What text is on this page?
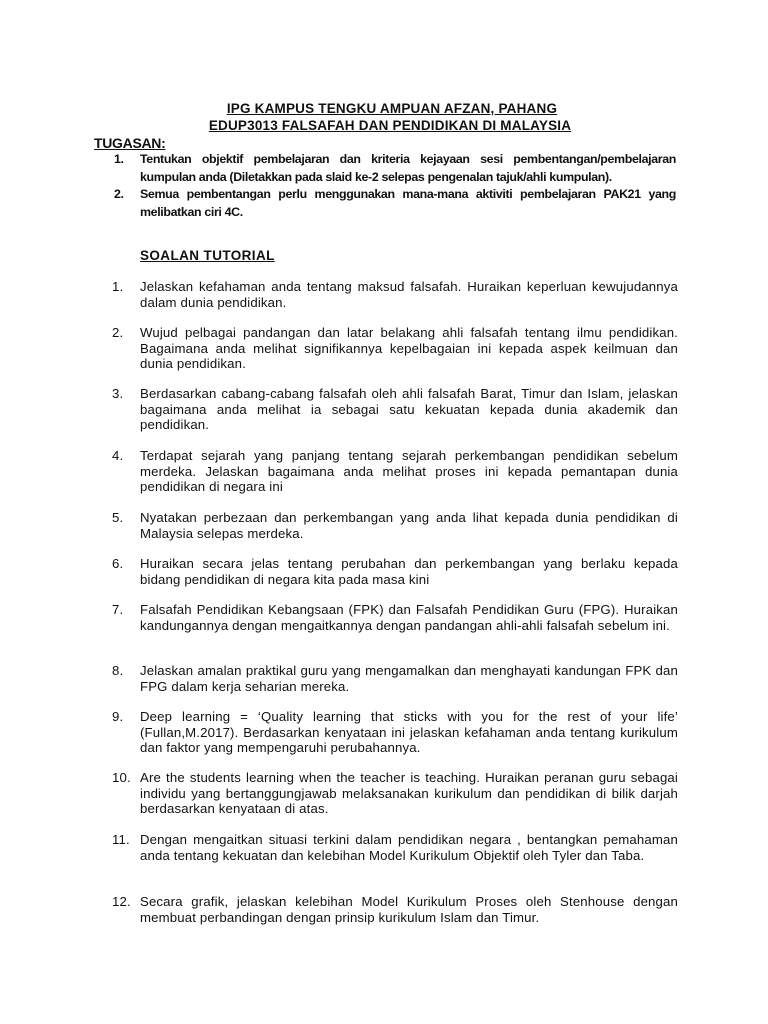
IPG KAMPUS TENGKU AMPUAN AFZAN, PAHANG
EDUP3013 FALSAFAH DAN PENDIDIKAN DI MALAYSIA
TUGASAN:
1.	Tentukan objektif pembelajaran dan kriteria kejayaan sesi pembentangan/pembelajaran kumpulan anda (Diletakkan pada slaid ke-2 selepas pengenalan tajuk/ahli kumpulan).
2.	Semua pembentangan perlu menggunakan mana-mana aktiviti pembelajaran PAK21 yang melibatkan ciri 4C.
SOALAN TUTORIAL
1.	Jelaskan kefahaman anda tentang maksud falsafah. Huraikan keperluan kewujudannya dalam dunia pendidikan.
2.	Wujud pelbagai pandangan dan latar belakang ahli falsafah tentang ilmu pendidikan. Bagaimana anda melihat signifikannya kepelbagaian ini kepada aspek keilmuan dan dunia pendidikan.
3.	Berdasarkan cabang-cabang falsafah oleh ahli falsafah Barat, Timur dan Islam, jelaskan bagaimana anda melihat ia sebagai satu kekuatan kepada dunia akademik dan pendidikan.
4.	Terdapat sejarah yang panjang tentang sejarah perkembangan pendidikan sebelum merdeka. Jelaskan bagaimana anda melihat proses ini kepada pemantapan dunia pendidikan di negara ini
5.	Nyatakan perbezaan dan perkembangan yang anda lihat kepada dunia pendidikan di Malaysia selepas merdeka.
6.	Huraikan secara jelas tentang perubahan dan perkembangan yang berlaku kepada bidang pendidikan di negara kita pada masa kini
7.	Falsafah Pendidikan Kebangsaan (FPK) dan Falsafah Pendidikan Guru (FPG). Huraikan kandungannya dengan mengaitkannya dengan pandangan ahli-ahli falsafah sebelum ini.
8.	Jelaskan amalan praktikal guru yang mengamalkan dan menghayati kandungan FPK dan FPG dalam kerja seharian mereka.
9.	Deep learning = ‘Quality learning that sticks with you for the rest of your life’ (Fullan,M.2017). Berdasarkan kenyataan ini jelaskan kefahaman anda tentang kurikulum dan faktor yang mempengaruhi perubahannya.
10. Are the students learning when the teacher is teaching. Huraikan peranan guru sebagai individu yang bertanggungjawab melaksanakan kurikulum dan pendidikan di bilik darjah berdasarkan kenyataan di atas.
11. Dengan mengaitkan situasi terkini dalam pendidikan negara , bentangkan pemahaman anda tentang kekuatan dan kelebihan Model Kurikulum Objektif oleh Tyler dan Taba.
12. Secara grafik, jelaskan kelebihan Model Kurikulum Proses oleh Stenhouse dengan membuat perbandingan dengan prinsip kurikulum Islam dan Timur.
